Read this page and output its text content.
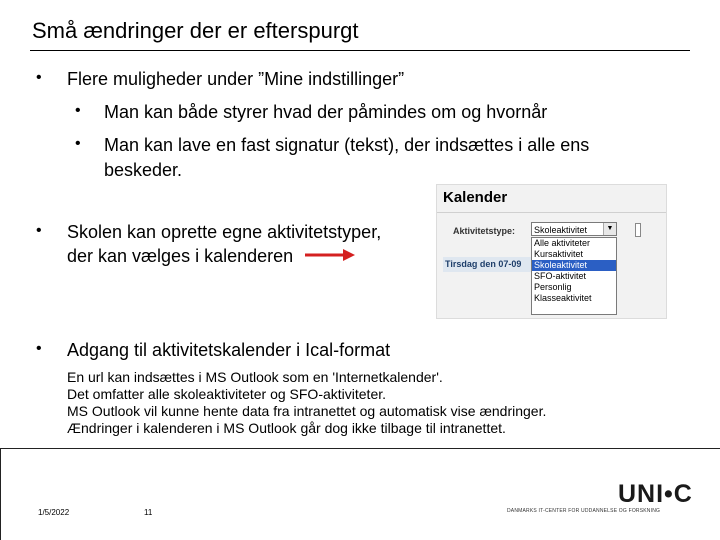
Små ændringer der er efterspurgt
• Flere muligheder under ”Mine indstillinger”
• Man kan både styrer hvad der påmindes om og hvornår
• Man kan lave en fast signatur (tekst), der indsættes i alle ens
beskeder.
• Skolen kan oprette egne aktivitetstyper,
der kan vælges i kalenderen
Kalender
Aktivitetstype:	Skoleaktivitet	▼
Tirsdag den 07-09
Alle aktiviteter
Kursaktivitet
Skoleaktivitet
SFO-aktivitet
Personlig
Klasseaktivitet
• Adgang til aktivitetskalender i Ical-format
En url kan indsættes i MS Outlook som en 'Internetkalender'.
Det omfatter alle skoleaktiviteter og SFO-aktiviteter.
MS Outlook vil kunne hente data fra intranettet og automatisk vise ændringer.
Ændringer i kalenderen i MS Outlook går dog ikke tilbage til intranettet.
1/5/2022	11
UNI•C
DANMARKS IT-CENTER FOR UDDANNELSE OG FORSKNING
